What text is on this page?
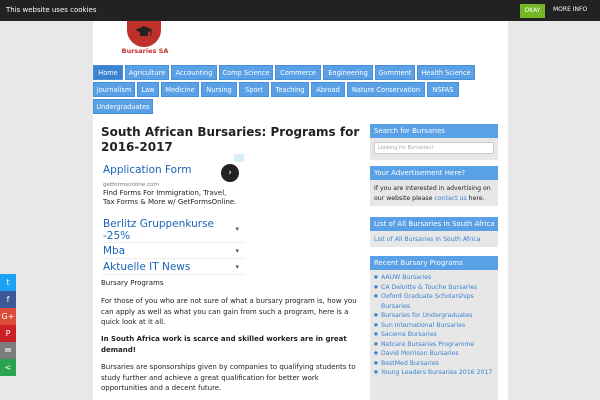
This website uses cookies	OKAY	MORE INFO
Bursaries SA
Home	Agriculture	Accounting	Comp Science	Commerce	Engineering	Gvmment	Health Science
Journalism	Law	Medicine	Nursing	Sport	Teaching	Abroad	Nature Conservation	NSFAS
Undergraduates
South African Bursaries: Programs for 2016-2017
Application Form	›
getformsonline.com
Find Forms For Immigration, Travel, Tax Forms & More w/ GetFormsOnline.
Berlitz Gruppenkurse -25%
▾
Mba	▾
Aktuelle IT News	▾

Bursary Programs

For those of you who are not sure of what a bursary program is, how you can apply as well as what you can gain from such a program, here is a quick look at it all.

In South Africa work is scarce and skilled workers are in great demand!

Bursaries are sponsorships given by companies to qualifying students to study further and achieve a great qualification for better work opportunities and a decent future.

Search for Bursaries
Looking for Bursaries?
Your Advertisement Here?
If you are interested in advertising on our website please contact us here.
List of All Bursaries in South Africa
List of All Bursaries in South Africa
Recent Bursary Programs
● AAUW Bursaries
● CA Deloitte & Touche Bursaries
● Oxford Graduate Scholarships Bursaries
● Bursaries for Undergraduates
● Sun International Bursaries
● Sacema Bursaries
● Netcare Bursaries Programme
● David Morrison Bursaries
● BestMed Bursaries
● Young Leaders Bursaries 2016 2017
t
f
G+
P
✉
<
